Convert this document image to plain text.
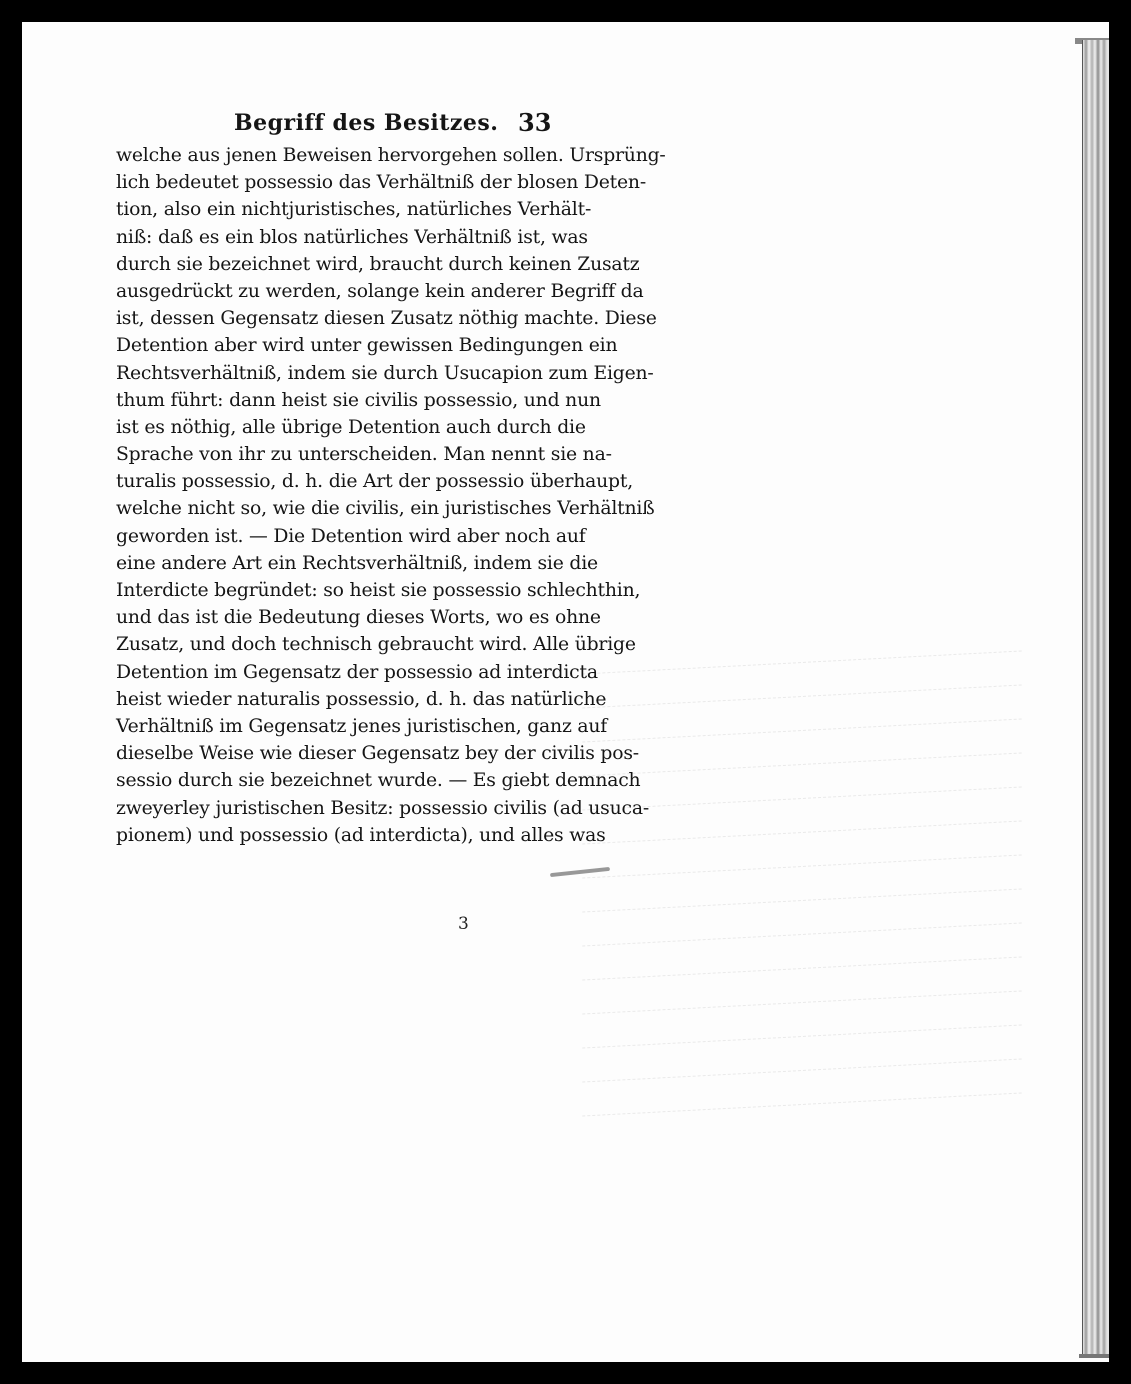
Begriff des Besitzes. 33
welche aus jenen Beweisen hervorgehen sollen. Ursprüng-
lich bedeutet possessio das Verhältniß der blosen Deten-
tion, also ein nichtjuristisches, natürliches Verhält-
niß: daß es ein blos natürliches Verhältniß ist, was
durch sie bezeichnet wird, braucht durch keinen Zusatz
ausgedrückt zu werden, solange kein anderer Begriff da
ist, dessen Gegensatz diesen Zusatz nöthig machte. Diese
Detention aber wird unter gewissen Bedingungen ein
Rechtsverhältniß, indem sie durch Usucapion zum Eigen-
thum führt: dann heist sie civilis possessio, und nun
ist es nöthig, alle übrige Detention auch durch die
Sprache von ihr zu unterscheiden. Man nennt sie na-
turalis possessio, d. h. die Art der possessio überhaupt,
welche nicht so, wie die civilis, ein juristisches Verhältniß
geworden ist. — Die Detention wird aber noch auf
eine andere Art ein Rechtsverhältniß, indem sie die
Interdicte begründet: so heist sie possessio schlechthin,
und das ist die Bedeutung dieses Worts, wo es ohne
Zusatz, und doch technisch gebraucht wird. Alle übrige
Detention im Gegensatz der possessio ad interdicta
heist wieder naturalis possessio, d. h. das natürliche
Verhältniß im Gegensatz jenes juristischen, ganz auf
dieselbe Weise wie dieser Gegensatz bey der civilis pos-
sessio durch sie bezeichnet wurde. — Es giebt demnach
zweyerley juristischen Besitz: possessio civilis (ad usuca-
pionem) und possessio (ad interdicta), und alles was
3
